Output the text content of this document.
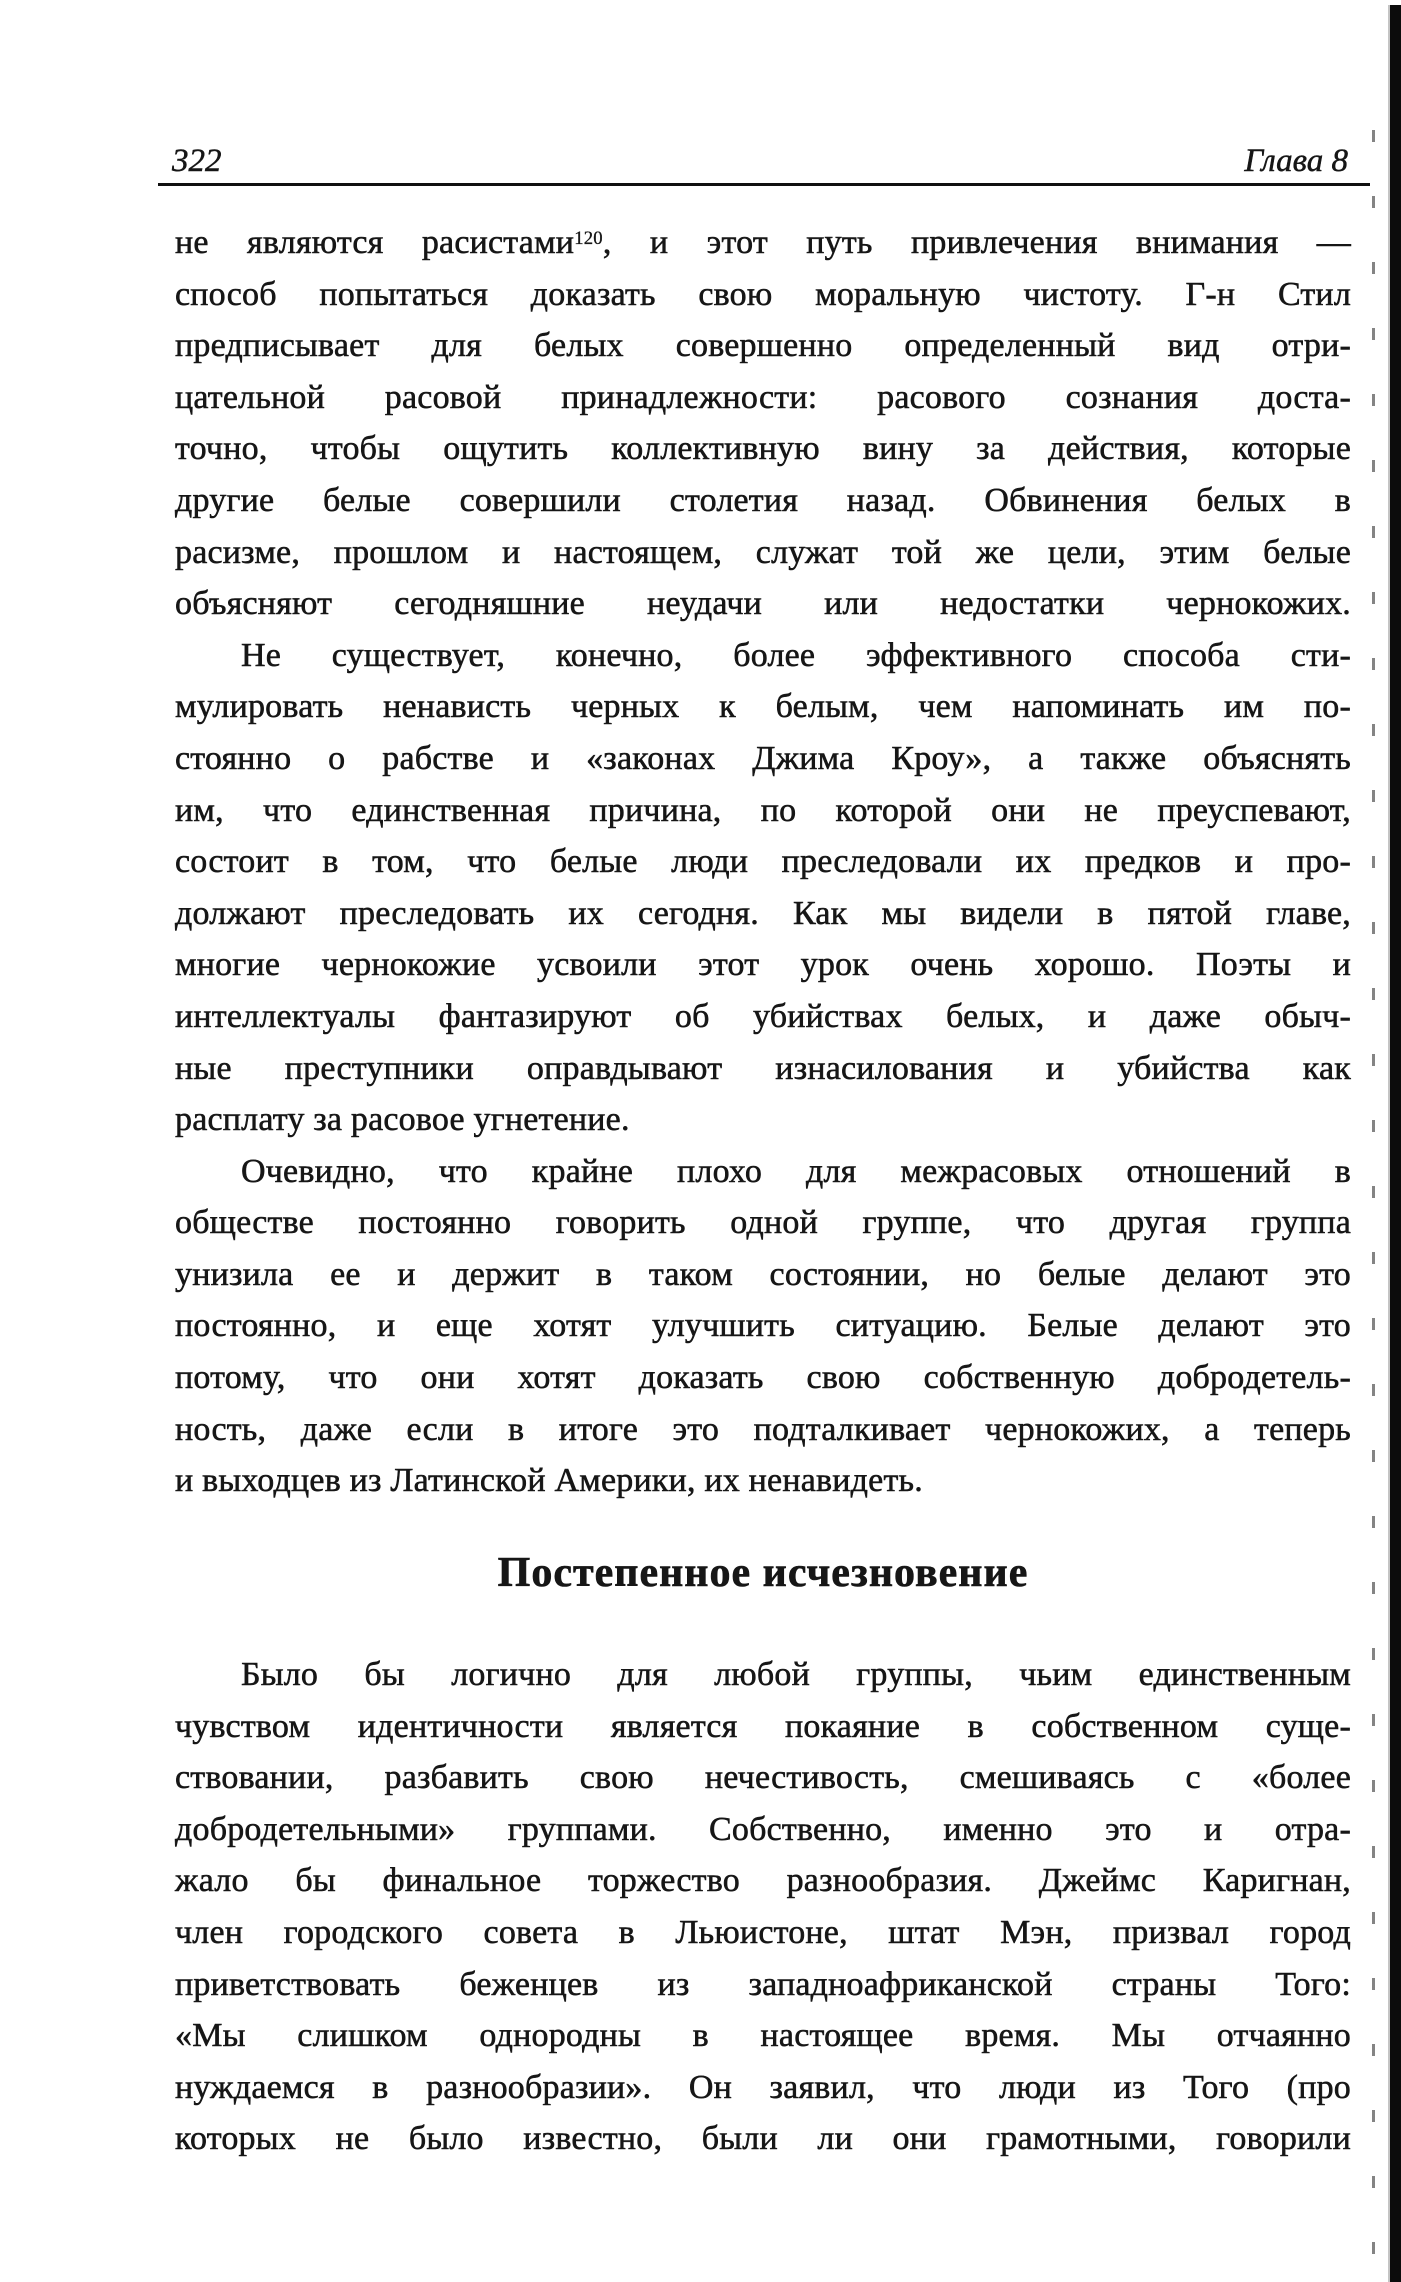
322	Глава 8
не являются расистами$^{120}$, и этот путь привлечения внимания —
способ попытаться доказать свою моральную чистоту. Г-н Стил
предписывает для белых совершенно определенный вид отри-
цательной расовой принадлежности: расового сознания доста-
точно, чтобы ощутить коллективную вину за действия, которые
другие белые совершили столетия назад. Обвинения белых в
расизме, прошлом и настоящем, служат той же цели, этим белые
объясняют сегодняшние неудачи или недостатки чернокожих.
Не существует, конечно, более эффективного способа сти-
мулировать ненависть черных к белым, чем напоминать им по-
стоянно о рабстве и «законах Джима Кроу», а также объяснять
им, что единственная причина, по которой они не преуспевают,
состоит в том, что белые люди преследовали их предков и про-
должают преследовать их сегодня. Как мы видели в пятой главе,
многие чернокожие усвоили этот урок очень хорошо. Поэты и
интеллектуалы фантазируют об убийствах белых, и даже обыч-
ные преступники оправдывают изнасилования и убийства как
расплату за расовое угнетение.
Очевидно, что крайне плохо для межрасовых отношений в
обществе постоянно говорить одной группе, что другая группа
унизила ее и держит в таком состоянии, но белые делают это
постоянно, и еще хотят улучшить ситуацию. Белые делают это
потому, что они хотят доказать свою собственную добродетель-
ность, даже если в итоге это подталкивает чернокожих, а теперь
и выходцев из Латинской Америки, их ненавидеть.
Постепенное исчезновение
Было бы логично для любой группы, чьим единственным
чувством идентичности является покаяние в собственном суще-
ствовании, разбавить свою нечестивость, смешиваясь с «более
добродетельными» группами. Собственно, именно это и отра-
жало бы финальное торжество разнообразия. Джеймс Каригнан,
член городского совета в Льюистоне, штат Мэн, призвал город
приветствовать беженцев из западноафриканской страны Того:
«Мы слишком однородны в настоящее время. Мы отчаянно
нуждаемся в разнообразии». Он заявил, что люди из Того (про
которых не было известно, были ли они грамотными, говорили
